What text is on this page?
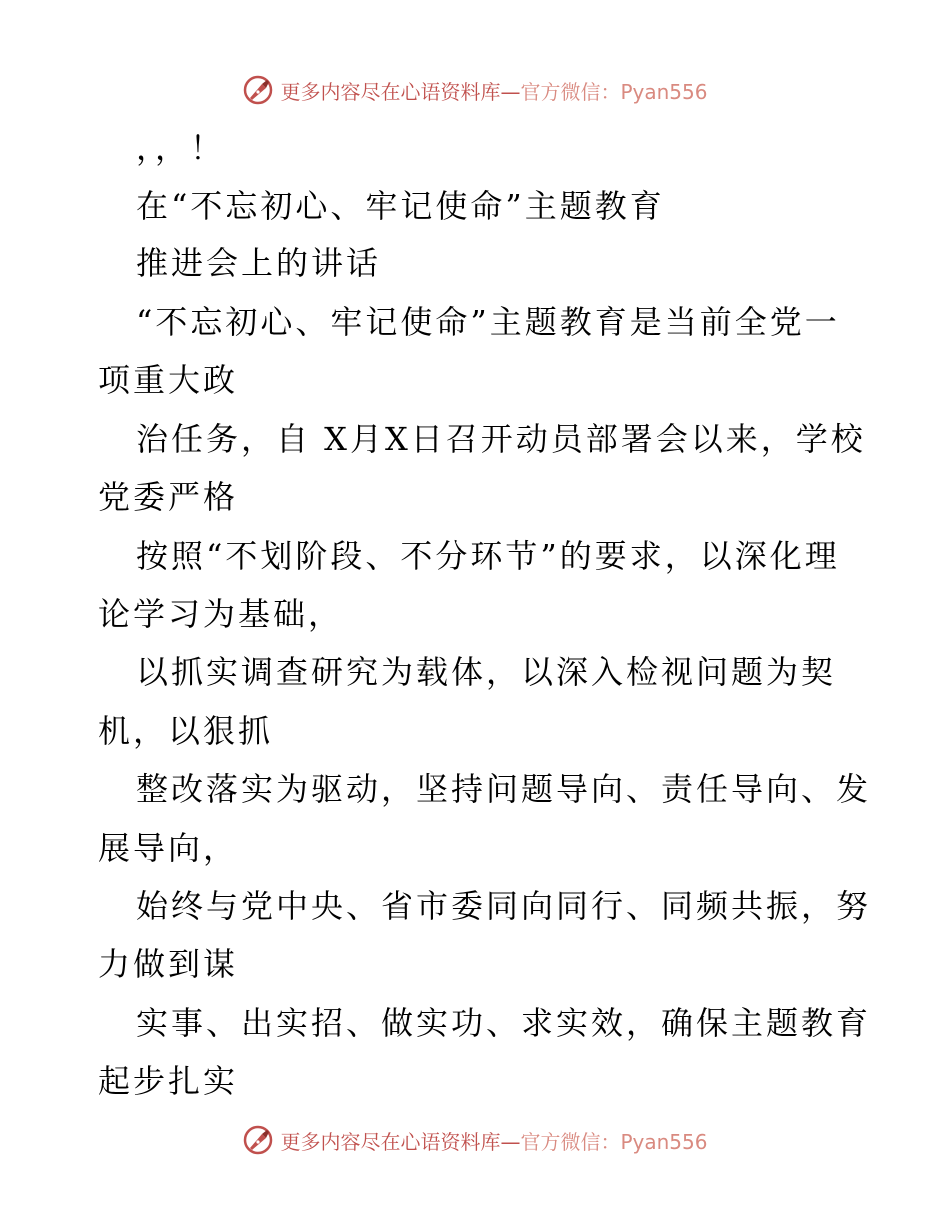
更多内容尽在心语资料库—官方微信：Pyan556
，，！
在“不忘初心、牢记使命”主题教育
推进会上的讲话
“不忘初心、牢记使命”主题教育是当前全党一
项重大政
治任务，自 X月X日召开动员部署会以来，学校
党委严格
按照“不划阶段、不分环节”的要求，以深化理
论学习为基础，
以抓实调查研究为载体，以深入检视问题为契
机，以狠抓
整改落实为驱动，坚持问题导向、责任导向、发
展导向，
始终与党中央、省市委同向同行、同频共振，努
力做到谋
实事、出实招、做实功、求实效，确保主题教育
起步扎实
更多内容尽在心语资料库—官方微信：Pyan556
